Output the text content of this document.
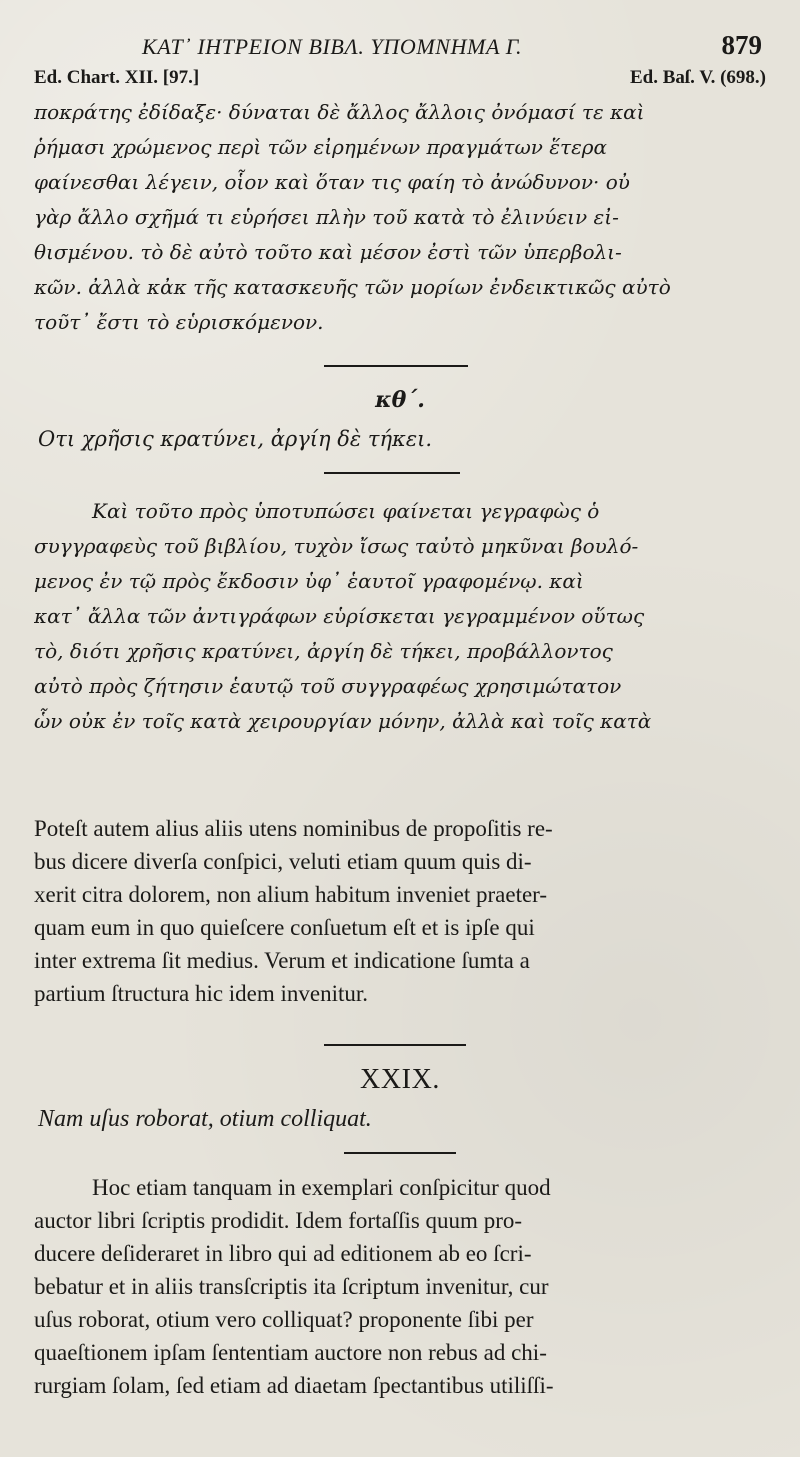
ΚΑΤ᾽ ΙΗΤΡΕΙΟΝ ΒΙΒΛ. ΥΠΟΜΝΗΜΑ Γ.	879
Ed. Chart. XII. [97.]	Ed. Baſ. V. (698.)
πoκράτης ἐδίδαξε· δύναται δὲ ἄλλος ἄλλοις ὀνόμασί τε καὶ
ῥήμασι χρώμενος περὶ τῶν εἰρημένων πραγμάτων ἕτερα
φαίνεσθαι λέγειν, οἷον καὶ ὅταν τις φαίη τὸ ἀνώδυνον· οὐ
γὰρ ἄλλο σχῆμά τι εὑρήσει πλὴν τοῦ κατὰ τὸ ἐλινύειν εἰ-
θισμένου. τὸ δὲ αὐτὸ τοῦτο καὶ μέσον ἐστὶ τῶν ὑπερβολι-
κῶν. ἀλλὰ κἀκ τῆς κατασκευῆς τῶν μορίων ἐνδεικτικῶς αὐτὸ
τοῦτ᾽ ἔστι τὸ εὑρισκόμενον.
κθ΄.
Οτι χρῆσις κρατύνει, ἀργίη δὲ τήκει.
Καὶ τοῦτο πρὸς ὑποτυπώσει φαίνεται γεγραφὼς ὁ
συγγραφεὺς τοῦ βιβλίου, τυχὸν ἴσως ταὐτὸ μηκῦναι βουλό-
μενος ἐν τῷ πρὸς ἔκδοσιν ὑφ᾽ ἑαυτοῖ γραφομένῳ. καὶ
κατ᾽ ἄλλα τῶν ἀντιγράφων εὑρίσκεται γεγραμμένον οὕτως
τὸ, διότι χρῆσις κρατύνει, ἀργίη δὲ τήκει, προβάλλοντος
αὐτὸ πρὸς ζήτησιν ἑαυτῷ τοῦ συγγραφέως χρησιμώτατον
ὧν οὐκ ἐν τοῖς κατὰ χειρουργίαν μόνην, ἀλλὰ καὶ τοῖς κατὰ
Poteſt autem alius aliis utens nominibus de propoſitis re-
bus dicere diverſa conſpici, veluti etiam quum quis di-
xerit citra dolorem, non alium habitum inveniet praeter-
quam eum in quo quieſcere conſuetum eſt et is ipſe qui
inter extrema ſit medius. Verum et indicatione ſumta a
partium ſtructura hic idem invenitur.
XXIX.
Nam uſus roborat, otium colliquat.
Hoc etiam tanquam in exemplari conſpicitur quod
auctor libri ſcriptis prodidit. Idem fortaſſis quum pro-
ducere deſideraret in libro qui ad editionem ab eo ſcri-
bebatur et in aliis transſcriptis ita ſcriptum invenitur, cur
uſus roborat, otium vero colliquat? proponente ſibi per
quaeſtionem ipſam ſententiam auctore non rebus ad chi-
rurgiam ſolam, ſed etiam ad diaetam ſpectantibus utiliſſi-
